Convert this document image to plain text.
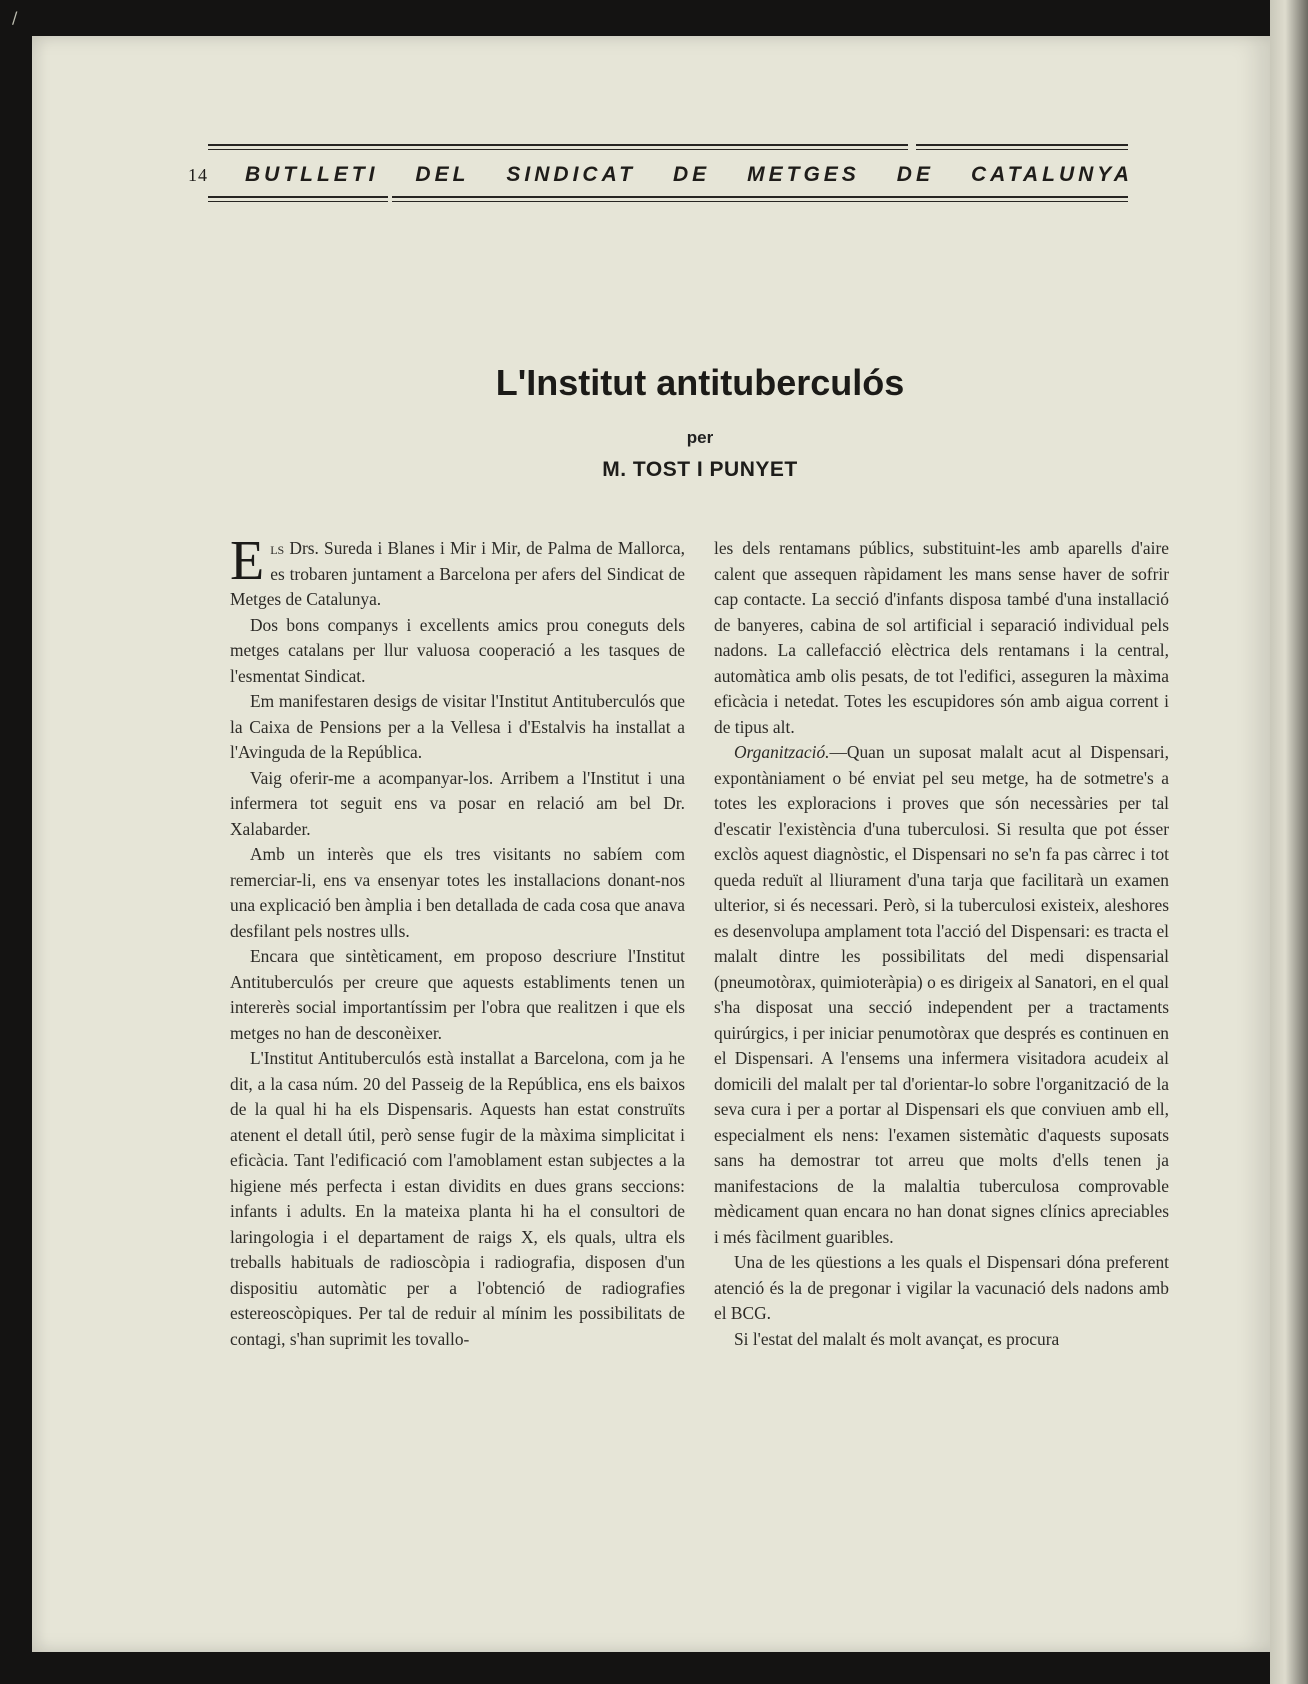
/
14 BUTLLETI DEL SINDICAT DE METGES DE CATALUNYA
L'Institut antituberculós
per
M. TOST I PUNYET

Els Drs. Sureda i Blanes i Mir i Mir, de Palma de Mallorca, es trobaren juntament a Barcelona per afers del Sindicat de Metges de Catalunya.

Dos bons companys i excellents amics prou coneguts dels metges catalans per llur valuosa cooperació a les tasques de l'esmentat Sindicat.

Em manifestaren desigs de visitar l'Institut Antituberculós que la Caixa de Pensions per a la Vellesa i d'Estalvis ha installat a l'Avinguda de la República.

Vaig oferir-me a acompanyar-los. Arribem a l'Institut i una infermera tot seguit ens va posar en relació am bel Dr. Xalabarder.

Amb un interès que els tres visitants no sabíem com remerciar-li, ens va ensenyar totes les installacions donant-nos una explicació ben àmplia i ben detallada de cada cosa que anava desfilant pels nostres ulls.

Encara que sintèticament, em proposo descriure l'Institut Antituberculós per creure que aquests establiments tenen un intererès social importantíssim per l'obra que realitzen i que els metges no han de desconèixer.

L'Institut Antituberculós està installat a Barcelona, com ja he dit, a la casa núm. 20 del Passeig de la República, ens els baixos de la qual hi ha els Dispensaris. Aquests han estat construïts atenent el detall útil, però sense fugir de la màxima simplicitat i eficàcia. Tant l'edificació com l'amoblament estan subjectes a la higiene més perfecta i estan dividits en dues grans seccions: infants i adults. En la mateixa planta hi ha el consultori de laringologia i el departament de raigs X, els quals, ultra els treballs habituals de radioscòpia i radiografia, disposen d'un dispositiu automàtic per a l'obtenció de radiografies estereoscòpiques. Per tal de reduir al mínim les possibilitats de contagi, s'han suprimit les tovallo-

les dels rentamans públics, substituint-les amb aparells d'aire calent que assequen ràpidament les mans sense haver de sofrir cap contacte. La secció d'infants disposa també d'una installació de banyeres, cabina de sol artificial i separació individual pels nadons. La callefacció elèctrica dels rentamans i la central, automàtica amb olis pesats, de tot l'edifici, asseguren la màxima eficàcia i netedat. Totes les escupidores són amb aigua corrent i de tipus alt.

Organització.—Quan un suposat malalt acut al Dispensari, expontàniament o bé enviat pel seu metge, ha de sotmetre's a totes les exploracions i proves que són necessàries per tal d'escatir l'existència d'una tuberculosi. Si resulta que pot ésser exclòs aquest diagnòstic, el Dispensari no se'n fa pas càrrec i tot queda reduït al lliurament d'una tarja que facilitarà un examen ulterior, si és necessari. Però, si la tuberculosi existeix, aleshores es desenvolupa amplament tota l'acció del Dispensari: es tracta el malalt dintre les possibilitats del medi dispensarial (pneumotòrax, quimioteràpia) o es dirigeix al Sanatori, en el qual s'ha disposat una secció independent per a tractaments quirúrgics, i per iniciar penumotòrax que després es continuen en el Dispensari. A l'ensems una infermera visitadora acudeix al domicili del malalt per tal d'orientar-lo sobre l'organització de la seva cura i per a portar al Dispensari els que conviuen amb ell, especialment els nens: l'examen sistemàtic d'aquests suposats sans ha demostrar tot arreu que molts d'ells tenen ja manifestacions de la malaltia tuberculosa comprovable mèdicament quan encara no han donat signes clínics apreciables i més fàcilment guaribles.

Una de les qüestions a les quals el Dispensari dóna preferent atenció és la de pregonar i vigilar la vacunació dels nadons amb el BCG.

Si l'estat del malalt és molt avançat, es procura
